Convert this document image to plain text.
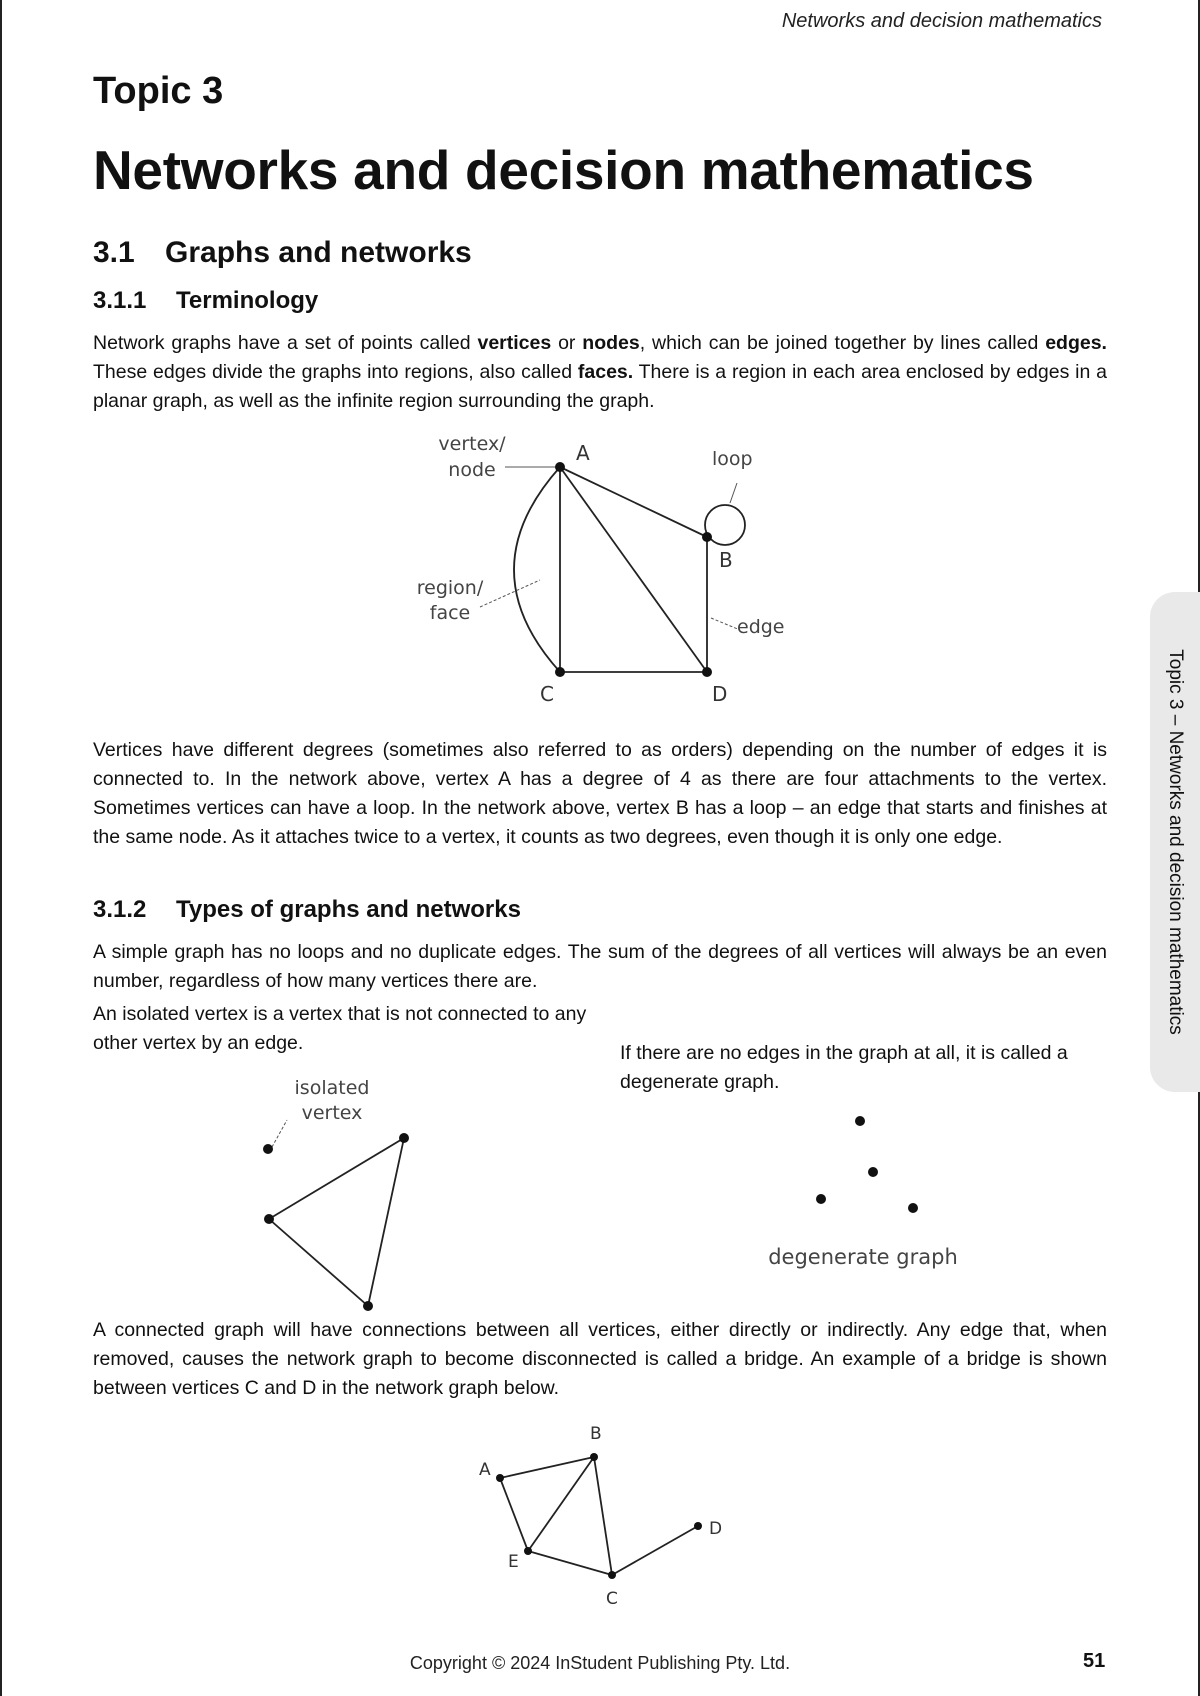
Networks and decision mathematics
Topic 3
Networks and decision mathematics
3.1 Graphs and networks
3.1.1 Terminology

Network graphs have a set of points called vertices or nodes, which can be joined together by lines called edges. These edges divide the graphs into regions, also called faces. There is a region in each area enclosed by edges in a planar graph, as well as the infinite region surrounding the graph.

A
B
C	D
vertex/
node	loop
region/
face
edge

Vertices have different degrees (sometimes also referred to as orders) depending on the number of edges it is connected to. In the network above, vertex A has a degree of 4 as there are four attachments to the vertex. Sometimes vertices can have a loop. In the network above, vertex B has a loop – an edge that starts and finishes at the same node. As it attaches twice to a vertex, it counts as two degrees, even though it is only one edge.

3.1.2 Types of graphs and networks

A simple graph has no loops and no duplicate edges. The sum of the degrees of all vertices will always be an even number, regardless of how many vertices there are.

An isolated vertex is a vertex that is not connected to any other vertex by an edge.	If there are no edges in the graph at all, it is called a degenerate graph.

isolated
vertex
degenerate graph

A connected graph will have connections between all vertices, either directly or indirectly. Any edge that, when removed, causes the network graph to become disconnected is called a bridge. An example of a bridge is shown between vertices C and D in the network graph below.

A
B
C
D
E
Topic 3 – Networks and decision mathematics
Copyright © 2024 InStudent Publishing Pty. Ltd.	51
